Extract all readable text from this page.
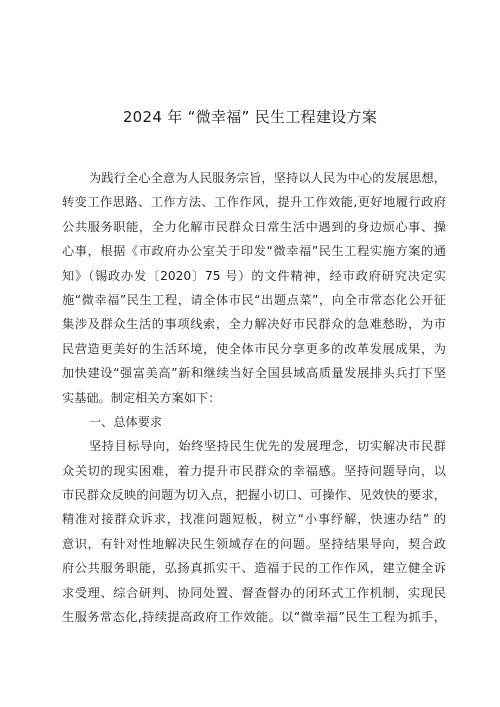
2024 年 “微幸福” 民生工程建设方案
为践行全心全意为人民服务宗旨，坚持以人民为中心的发展思想，
转变工作思路、工作方法、工作作风，提升工作效能,更好地履行政府
公共服务职能，全力化解市民群众日常生活中遇到的身边烦心事、操
心事，根据《市政府办公室关于印发“微幸福”民生工程实施方案的通
知》（锡政办发〔2020〕75 号）的文件精神，经市政府研究决定实
施“微幸福”民生工程，请全体市民“出题点菜”，向全市常态化公开征
集涉及群众生活的事项线索，全力解决好市民群众的急难愁盼，为市
民营造更美好的生活环境，使全体市民分享更多的改革发展成果，为
加快建设“强富美高”新和继续当好全国县域高质量发展排头兵打下坚
实基础。制定相关方案如下：
一、总体要求
坚持目标导向，始终坚持民生优先的发展理念，切实解决市民群
众关切的现实困难，着力提升市民群众的幸福感。坚持问题导向，以
市民群众反映的问题为切入点，把握小切口、可操作、见效快的要求，
精准对接群众诉求，找准问题短板，树立“小事纾解，快速办结” 的
意识，有针对性地解决民生领域存在的问题。坚持结果导向，契合政
府公共服务职能，弘扬真抓实干、造福于民的工作作风，建立健全诉
求受理、综合研判、协同处置、督查督办的闭环式工作机制，实现民
生服务常态化,持续提高政府工作效能。以“微幸福”民生工程为抓手，
